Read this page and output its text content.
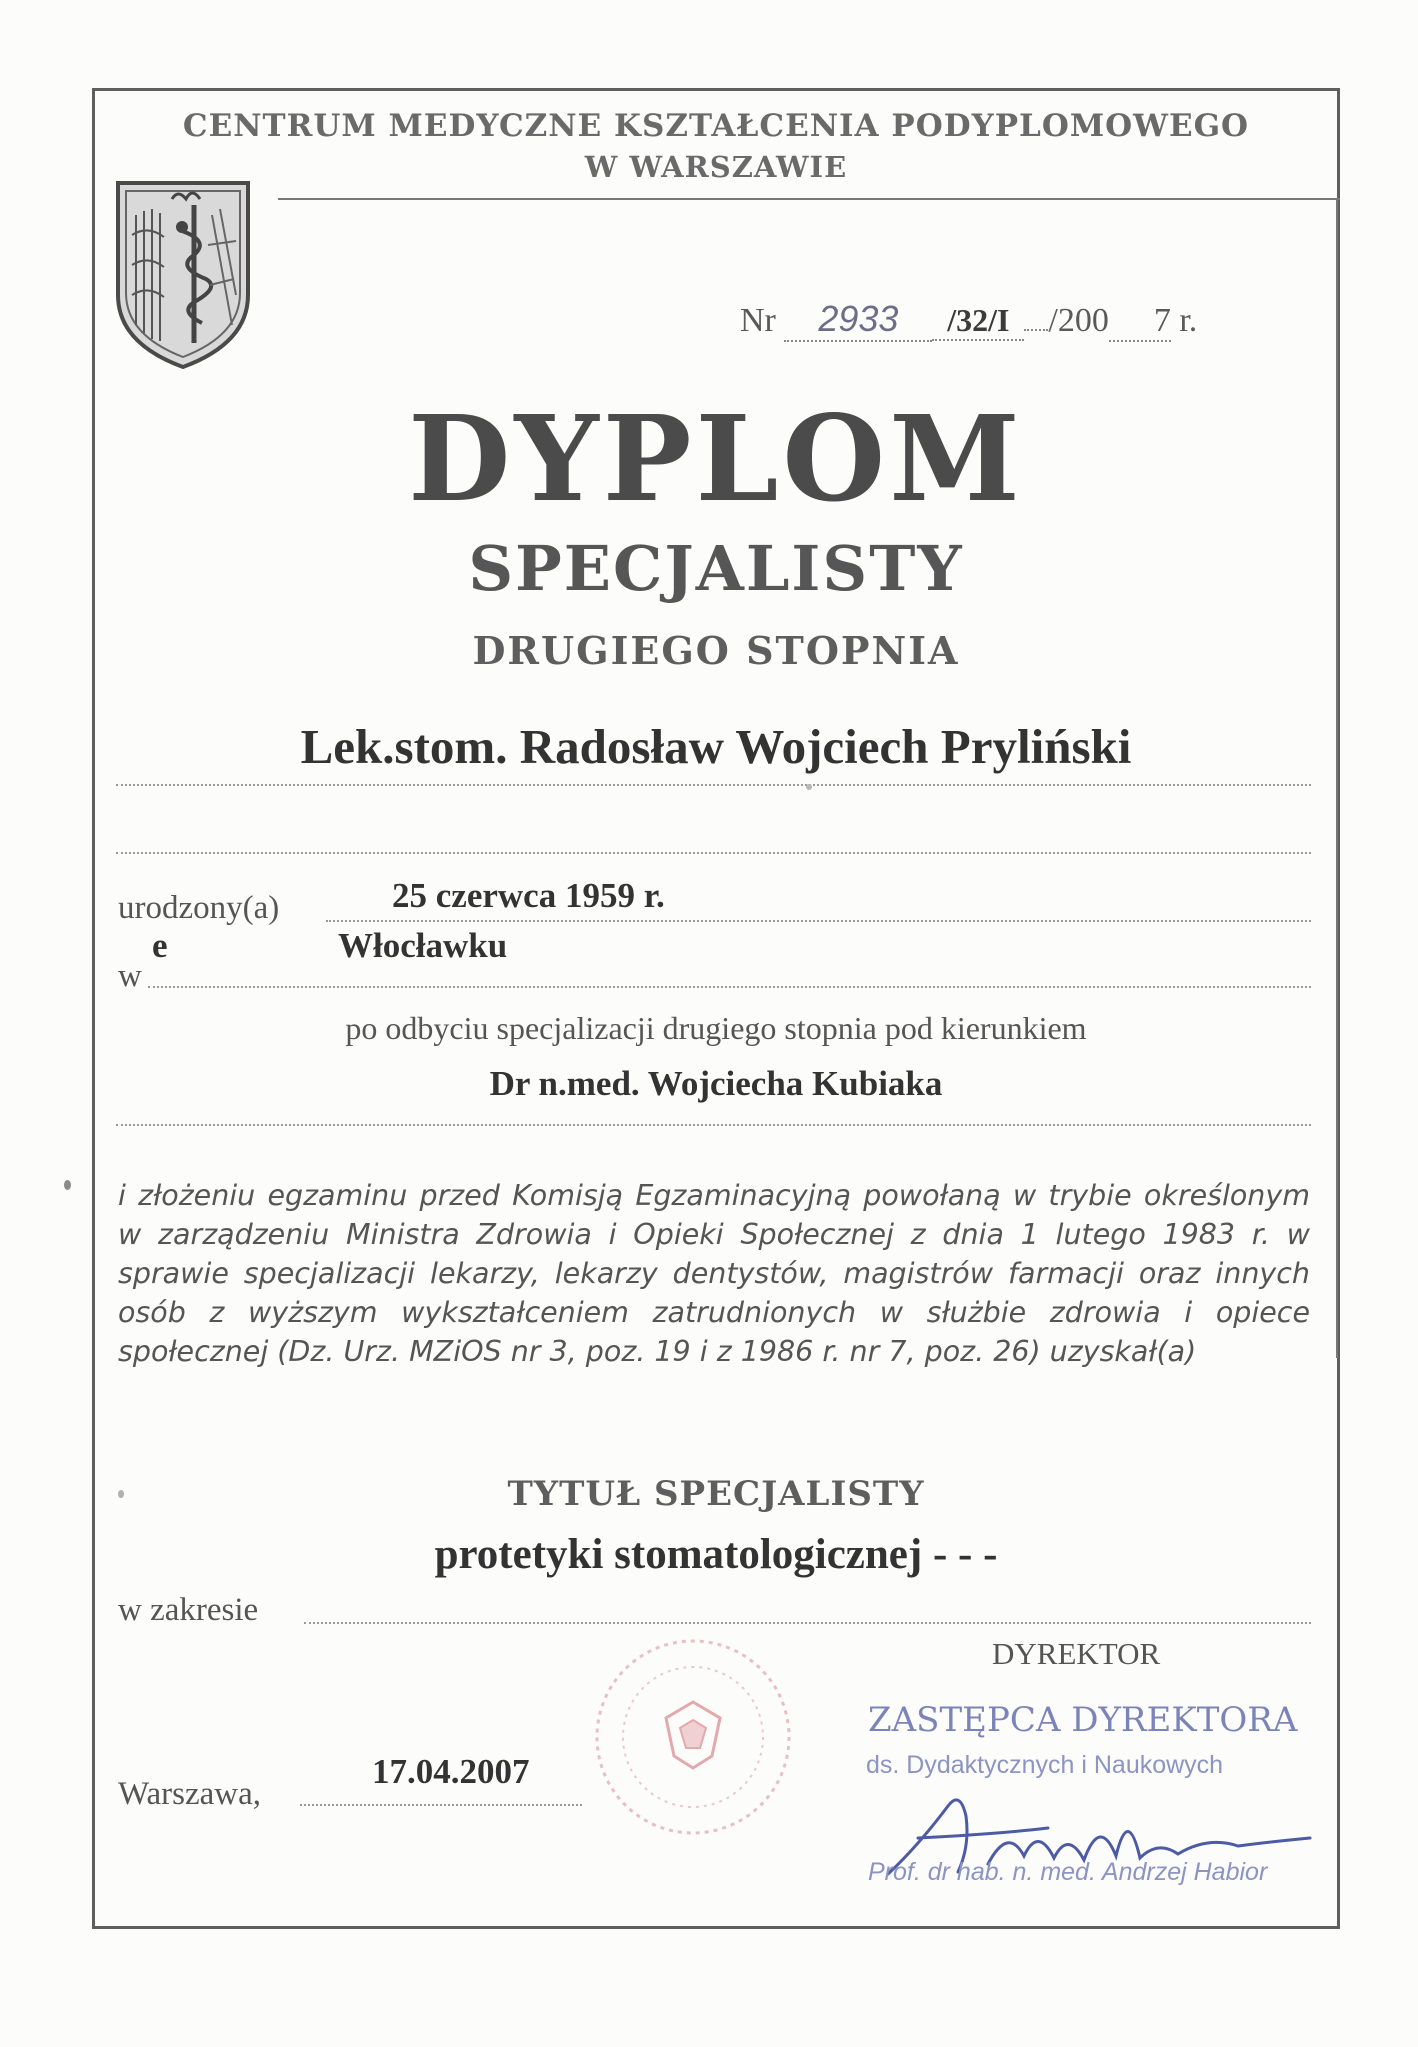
CENTRUM MEDYCZNE KSZTAŁCENIA PODYPLOMOWEGO
W WARSZAWIE
Nr 2933 /32/I /200 7 r.
DYPLOM
SPECJALISTY
DRUGIEGO STOPNIA
Lek.stom. Radosław Wojciech Pryliński
urodzony(a)	25 czerwca 1959 r.
e	Włocławku
w
po odbyciu specjalizacji drugiego stopnia pod kierunkiem
Dr n.med. Wojciecha Kubiaka
i złożeniu egzaminu przed Komisją Egzaminacyjną powołaną w trybie określonym w zarządzeniu Ministra Zdrowia i Opieki Społecznej z dnia 1 lutego 1983 r. w sprawie specjalizacji lekarzy, lekarzy dentystów, magistrów farmacji oraz innych osób z wyższym wykształceniem zatrudnionych w służbie zdrowia i opiece społecznej (Dz. Urz. MZiOS nr 3, poz. 19 i z 1986 r. nr 7, poz. 26) uzyskał(a)
TYTUŁ SPECJALISTY
protetyki stomatologicznej - - -
w zakresie
DYREKTOR
ZASTĘPCA DYREKTORA
ds. Dydaktycznych i Naukowych
Prof. dr hab. n. med. Andrzej Habior
Warszawa,
17.04.2007
